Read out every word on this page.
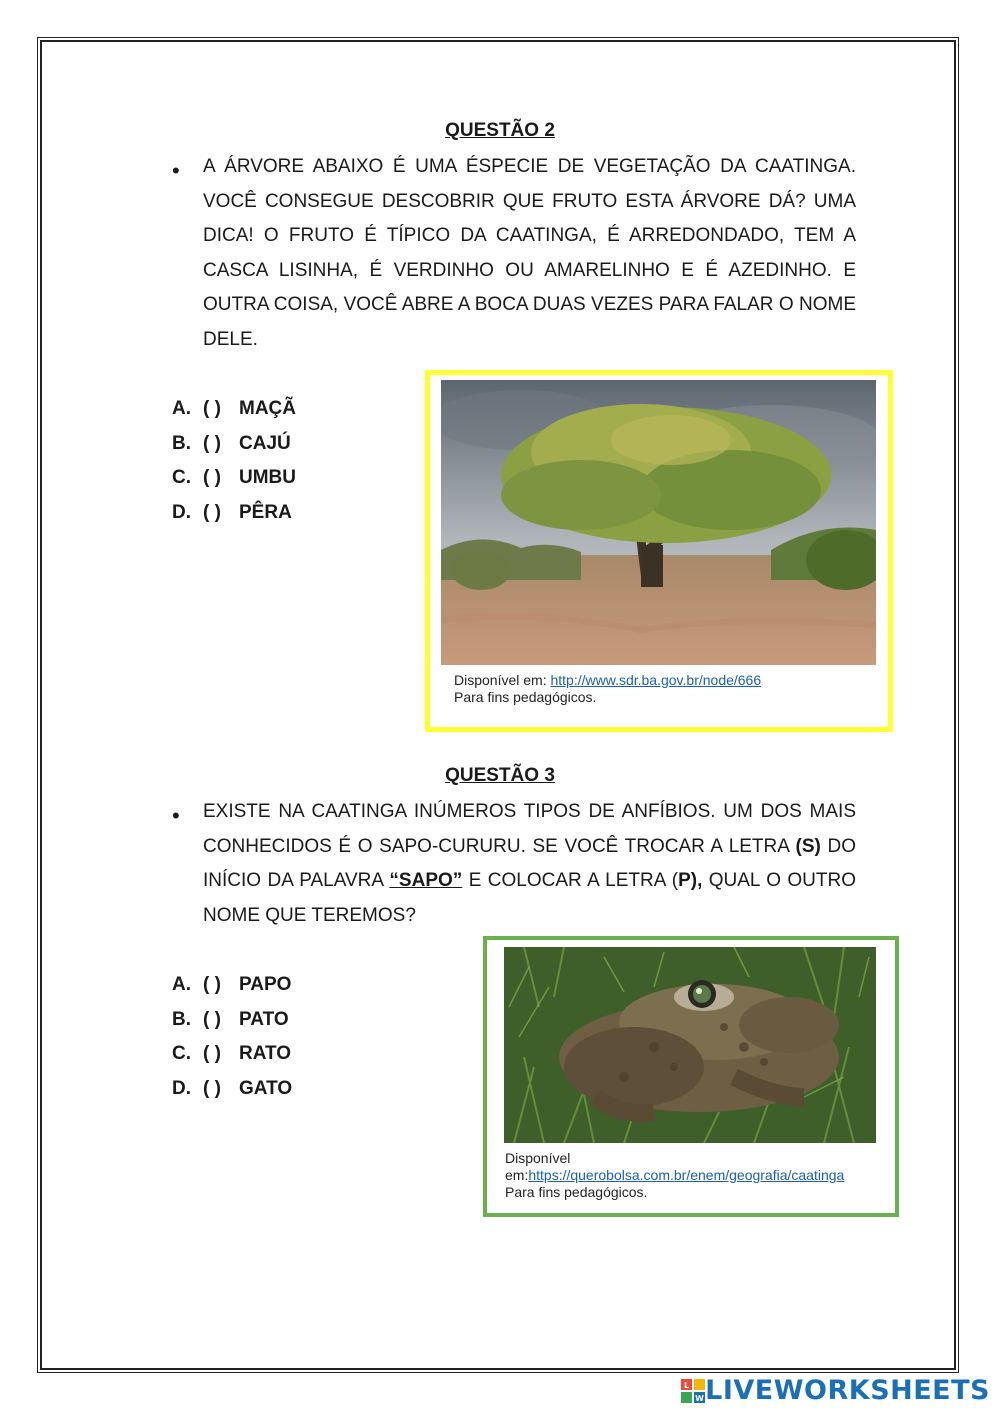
QUESTÃO 2
• A ÁRVORE ABAIXO É UMA ÉSPECIE DE VEGETAÇÃO DA CAATINGA. VOCÊ CONSEGUE DESCOBRIR QUE FRUTO ESTA ÁRVORE DÁ? UMA DICA! O FRUTO É TÍPICO DA CAATINGA, É ARREDONDADO, TEM A CASCA LISINHA, É VERDINHO OU AMARELINHO E É AZEDINHO. E OUTRA COISA, VOCÊ ABRE A BOCA DUAS VEZES PARA FALAR O NOME DELE.
A. ( ) MAÇÃ
B. ( ) CAJÚ
C. ( ) UMBU
D. ( ) PÊRA
Disponível em: http://www.sdr.ba.gov.br/node/666
Para fins pedagógicos.
QUESTÃO 3
• EXISTE NA CAATINGA INÚMEROS TIPOS DE ANFÍBIOS. UM DOS MAIS CONHECIDOS É O SAPO-CURURU. SE VOCÊ TROCAR A LETRA (S) DO INÍCIO DA PALAVRA “SAPO” E COLOCAR A LETRA (P), QUAL O OUTRO NOME QUE TEREMOS?
A. ( ) PAPO
B. ( ) PATO
C. ( ) RATO
D. ( ) GATO
Disponível
em:https://querobolsa.com.br/enem/geografia/caatinga
Para fins pedagógicos.
L
W LIVEWORKSHEETS
